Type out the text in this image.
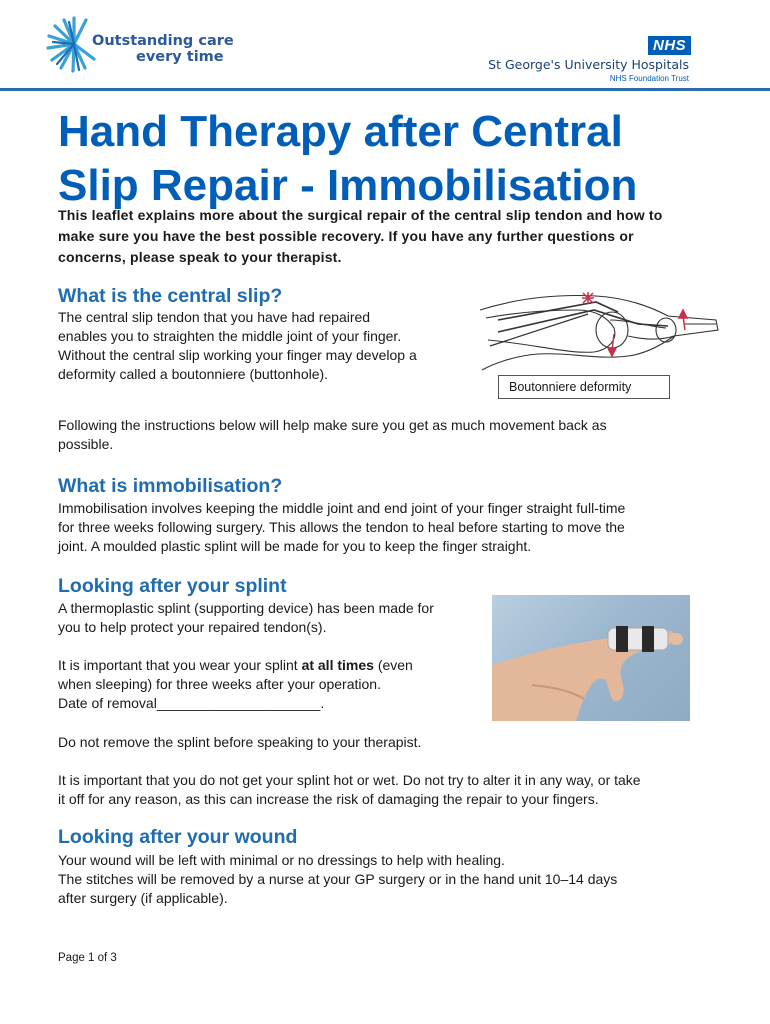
Outstanding care
every time
NHS
St George's University Hospitals
NHS Foundation Trust
Hand Therapy after Central
Slip Repair - Immobilisation
This leaflet explains more about the surgical repair of the central slip tendon and how to
make sure you have the best possible recovery. If you have any further questions or
concerns, please speak to your therapist.
What is the central slip?

The central slip tendon that you have had repaired

enables you to straighten the middle joint of your finger.

Without the central slip working your finger may develop a

deformity called a boutonniere (buttonhole).

Boutonniere deformity

Following the instructions below will help make sure you get as much movement back as

possible.

What is immobilisation?

Immobilisation involves keeping the middle joint and end joint of your finger straight full-time

for three weeks following surgery. This allows the tendon to heal before starting to move the

joint. A moulded plastic splint will be made for you to keep the finger straight.

Looking after your splint

A thermoplastic splint (supporting device) has been made for

you to help protect your repaired tendon(s).

It is important that you wear your splint at all times (even

when sleeping) for three weeks after your operation.

Date of removal_____________________.

Do not remove the splint before speaking to your therapist.

It is important that you do not get your splint hot or wet. Do not try to alter it in any way, or take

it off for any reason, as this can increase the risk of damaging the repair to your fingers.

Looking after your wound

Your wound will be left with minimal or no dressings to help with healing.

The stitches will be removed by a nurse at your GP surgery or in the hand unit 10–14 days

after surgery (if applicable).

Page 1 of 3
